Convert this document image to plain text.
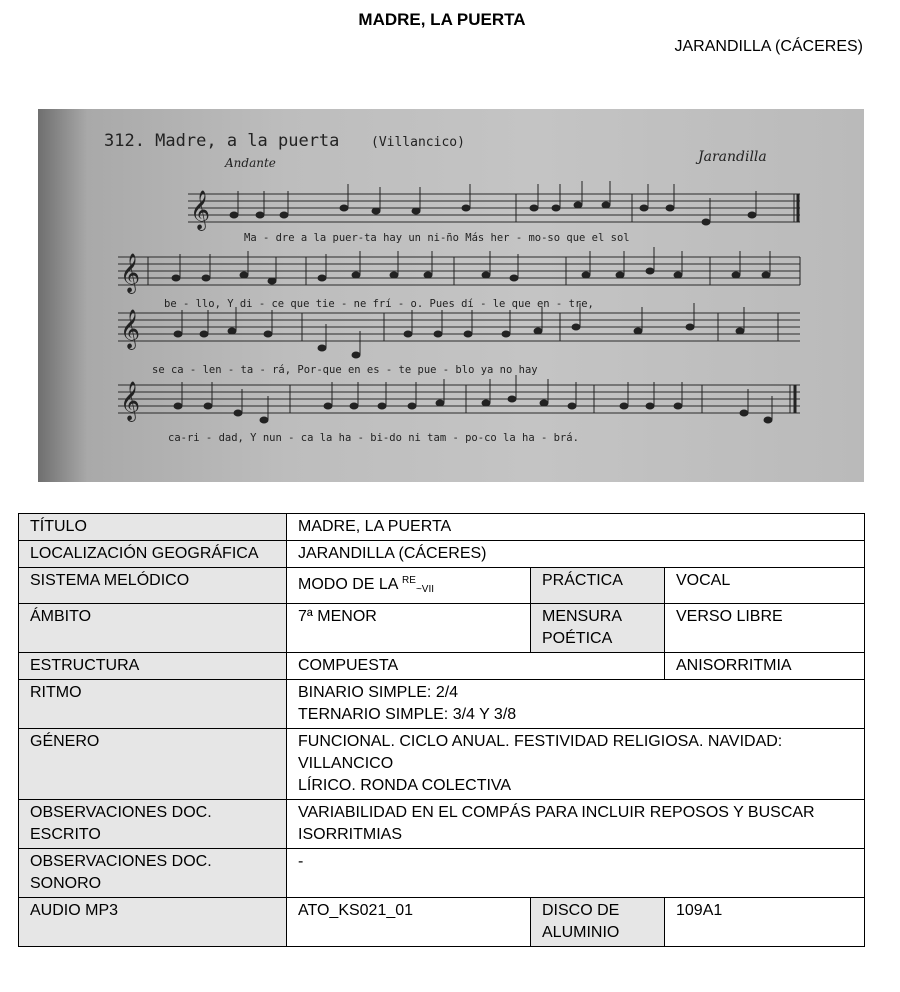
MADRE, LA PUERTA
JARANDILLA (CÁCERES)
312. Madre, a la puerta (Villancico)
Andante	Jarandilla
𝄞
Ma - dre a la puer-ta hay un ni-ño Más her - mo-so que el sol
𝄞
be - llo, Y di - ce que tie - ne frí - o. Pues dí - le que en - tre,
𝄞
se ca - len - ta - rá, Por-que en es - te pue - blo ya no hay
𝄞
ca-ri - dad, Y nun - ca la ha - bi-do ni tam - po-co la ha - brá.
TÍTULO	MADRE, LA PUERTA		
LOCALIZACIÓN GEOGRÁFICA	JARANDILLA (CÁCERES)		
SISTEMA MELÓDICO	MODO DE LA $^{RE}_{\sim VII}$	PRÁCTICA	VOCAL
ÁMBITO	7ª MENOR	MENSURA POÉTICA	VERSO LIBRE
ESTRUCTURA	COMPUESTA		ANISORRITMIA
RITMO	BINARIO SIMPLE: 2/4
TERNARIO SIMPLE: 3/4 Y 3/8		

GÉNERO	FUNCIONAL. CICLO ANUAL. FESTIVIDAD RELIGIOSA. NAVIDAD: VILLANCICO
LÍRICO. RONDA COLECTIVA		

OBSERVACIONES DOC. ESCRITO	VARIABILIDAD EN EL COMPÁS PARA INCLUIR REPOSOS Y BUSCAR ISORRITMIAS		
OBSERVACIONES DOC. SONORO	-		
AUDIO MP3	ATO_KS021_01	DISCO DE ALUMINIO	109A1
